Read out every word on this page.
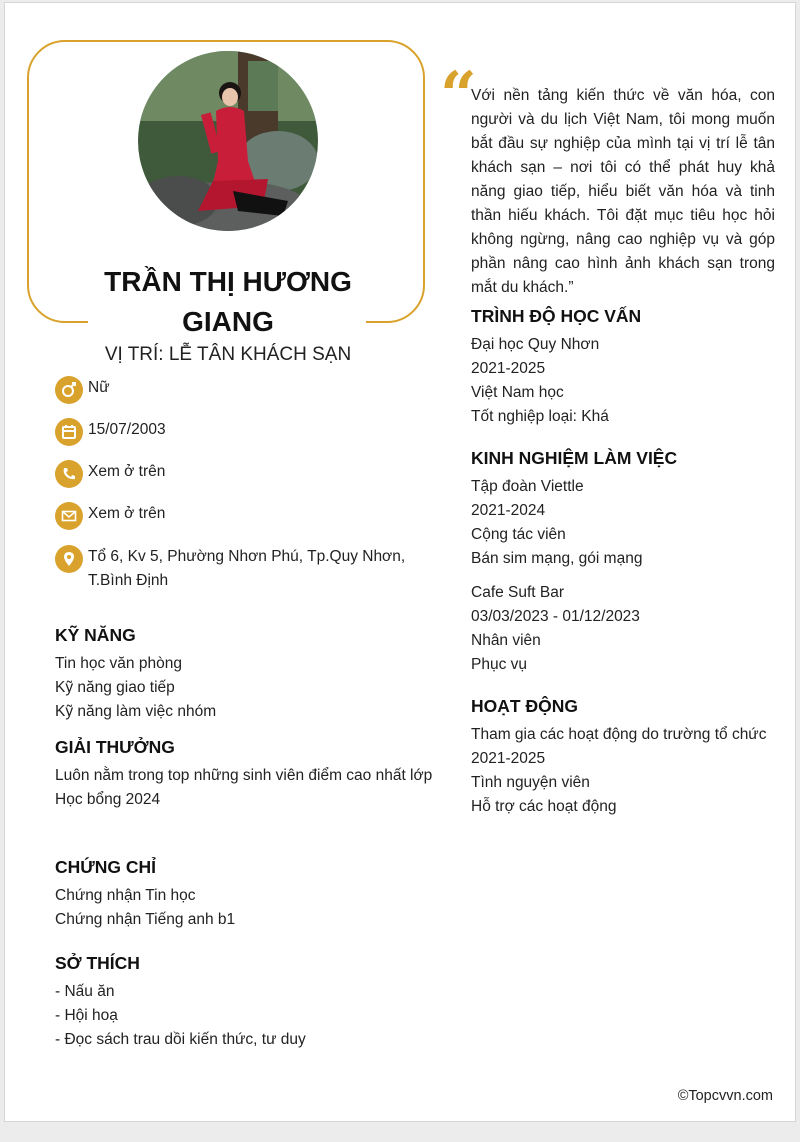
TRẦN THỊ HƯƠNG GIANG
VỊ TRÍ: LỄ TÂN KHÁCH SẠN
Nữ
15/07/2003
Xem ở trên
Xem ở trên
Tổ 6, Kv 5, Phường Nhơn Phú, Tp.Quy Nhơn, T.Bình Định
KỸ NĂNG
Tin học văn phòng
Kỹ năng giao tiếp
Kỹ năng làm việc nhóm
GIẢI THƯỞNG
Luôn nằm trong top những sinh viên điểm cao nhất lớp
Học bổng 2024
CHỨNG CHỈ
Chứng nhận Tin học
Chứng nhận Tiếng anh b1
SỞ THÍCH
- Nấu ăn
- Hội hoạ
- Đọc sách trau dồi kiến thức, tư duy
“
Với nền tảng kiến thức về văn hóa, con người và du lịch Việt Nam, tôi mong muốn bắt đầu sự nghiệp của mình tại vị trí lễ tân khách sạn – nơi tôi có thể phát huy khả năng giao tiếp, hiểu biết văn hóa và tinh thần hiếu khách. Tôi đặt mục tiêu học hỏi không ngừng, nâng cao nghiệp vụ và góp phần nâng cao hình ảnh khách sạn trong mắt du khách.”
TRÌNH ĐỘ HỌC VẤN
Đại học Quy Nhơn
2021-2025
Việt Nam học
Tốt nghiệp loại: Khá
KINH NGHIỆM LÀM VIỆC
Tập đoàn Viettle
2021-2024
Cộng tác viên
Bán sim mạng, gói mạng
Cafe Suft Bar
03/03/2023 - 01/12/2023
Nhân viên
Phục vụ
HOẠT ĐỘNG
Tham gia các hoạt động do trường tổ chức
2021-2025
Tình nguyện viên
Hỗ trợ các hoạt động
©Topcvvn.com
